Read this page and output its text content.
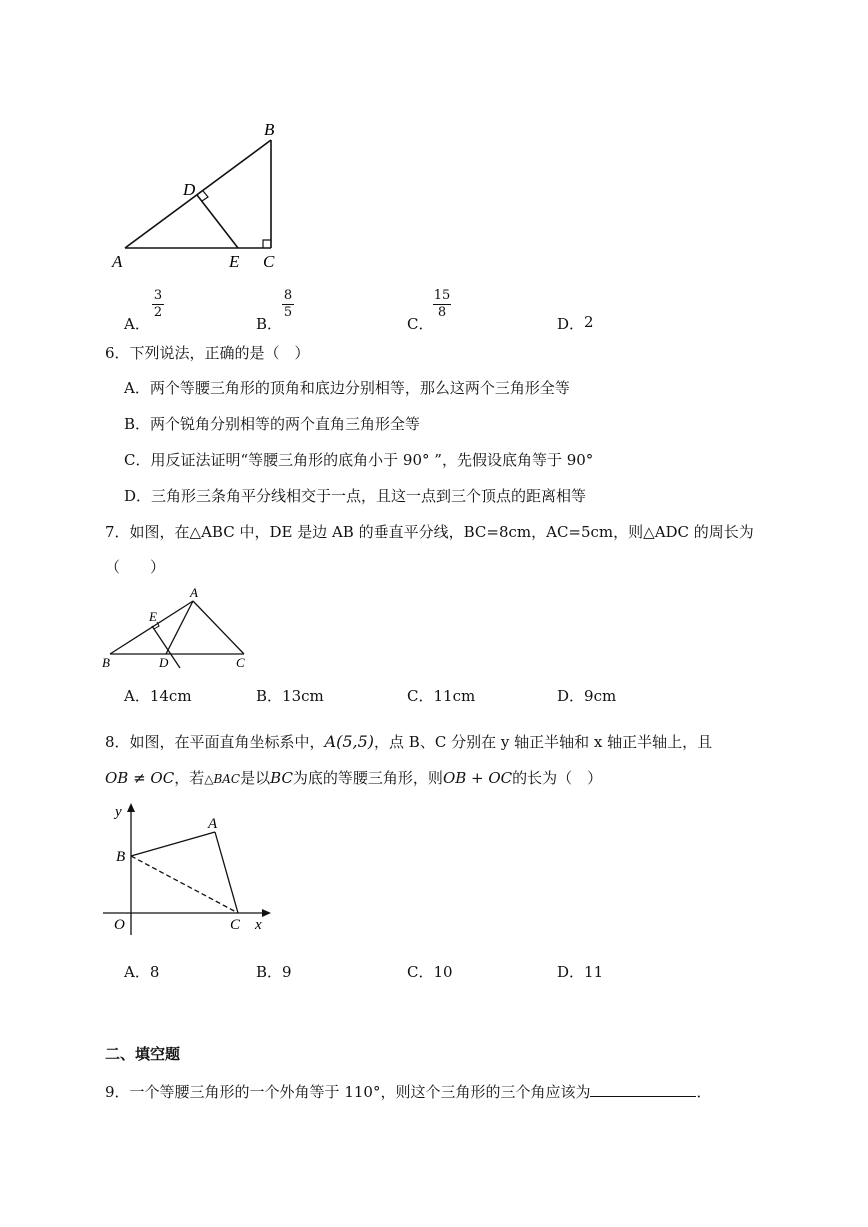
B
D
A	E C
A．
3
2
B．
8
5
C．
15
8
D． 2
6．下列说法，正确的是（　）
A．两个等腰三角形的顶角和底边分别相等，那么这两个三角形全等
B．两个锐角分别相等的两个直角三角形全等
C．用反证法证明“等腰三角形的底角小于 90° ”，先假设底角等于 90°
D．三角形三条角平分线相交于一点，且这一点到三个顶点的距离相等
7．如图，在△ABC 中，DE 是边 AB 的垂直平分线，BC=8cm，AC=5cm，则△ADC 的周长为
（　　）
A
E
B	D	C
A．14cm	B．13cm	C．11cm	D．9cm
8．如图，在平面直角坐标系中，A(5,5)，点 B、C 分别在 y 轴正半轴和 x 轴正半轴上，且
OB ≠ OC，若△BAC是以BC为底的等腰三角形，则OB + OC的长为（　）
y
A
B
O	C x
A．8	B．9	C．10	D．11
二、填空题
9．一个等腰三角形的一个外角等于 110°，则这个三角形的三个角应该为	．
